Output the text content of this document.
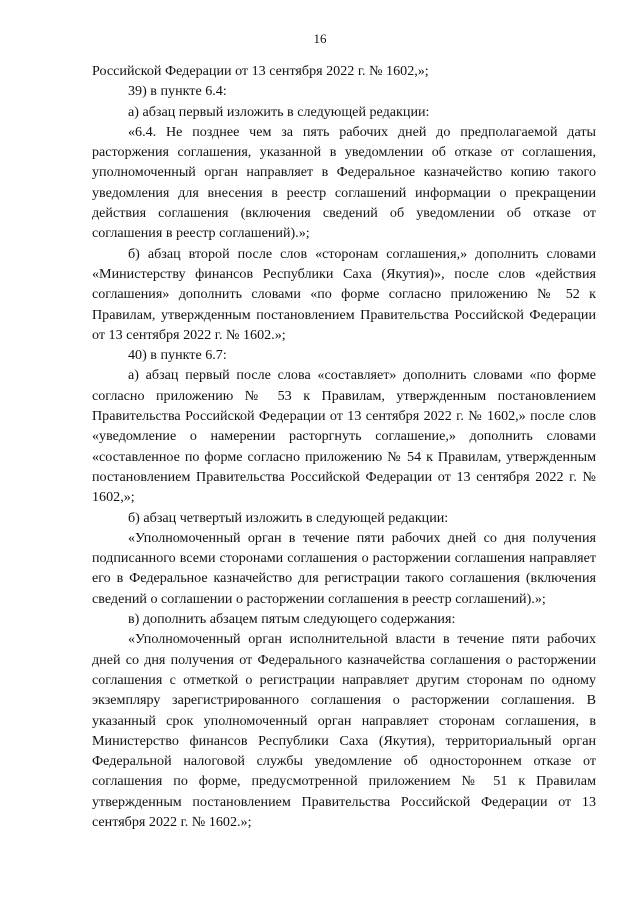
16

Российской Федерации от 13 сентября 2022 г. № 1602,»;

39) в пункте 6.4:

а) абзац первый изложить в следующей редакции:

«6.4. Не позднее чем за пять рабочих дней до предполагаемой даты расторжения соглашения, указанной в уведомлении об отказе от соглашения, уполномоченный орган направляет в Федеральное казначейство копию такого уведомления для внесения в реестр соглашений информации о прекращении действия соглашения (включения сведений об уведомлении об отказе от соглашения в реестр соглашений).»;

б) абзац второй после слов «сторонам соглашения,» дополнить словами «Министерству финансов Республики Саха (Якутия)», после слов «действия соглашения» дополнить словами «по форме согласно приложению № 52 к Правилам, утвержденным постановлением Правительства Российской Федерации от 13 сентября 2022 г. № 1602.»;

40) в пункте 6.7:

а) абзац первый после слова «составляет» дополнить словами «по форме согласно приложению № 53 к Правилам, утвержденным постановлением Правительства Российской Федерации от 13 сентября 2022 г. № 1602,» после слов «уведомление о намерении расторгнуть соглашение,» дополнить словами «составленное по форме согласно приложению № 54 к Правилам, утвержденным постановлением Правительства Российской Федерации от 13 сентября 2022 г. № 1602,»;

б) абзац четвертый изложить в следующей редакции:

«Уполномоченный орган в течение пяти рабочих дней со дня получения подписанного всеми сторонами соглашения о расторжении соглашения направляет его в Федеральное казначейство для регистрации такого соглашения (включения сведений о соглашении о расторжении соглашения в реестр соглашений).»;

в) дополнить абзацем пятым следующего содержания:

«Уполномоченный орган исполнительной власти в течение пяти рабочих дней со дня получения от Федерального казначейства соглашения о расторжении соглашения с отметкой о регистрации направляет другим сторонам по одному экземпляру зарегистрированного соглашения о расторжении соглашения. В указанный срок уполномоченный орган направляет сторонам соглашения, в Министерство финансов Республики Саха (Якутия), территориальный орган Федеральной налоговой службы уведомление об одностороннем отказе от соглашения по форме, предусмотренной приложением № 51 к Правилам утвержденным постановлением Правительства Российской Федерации от 13 сентября 2022 г. № 1602.»;
